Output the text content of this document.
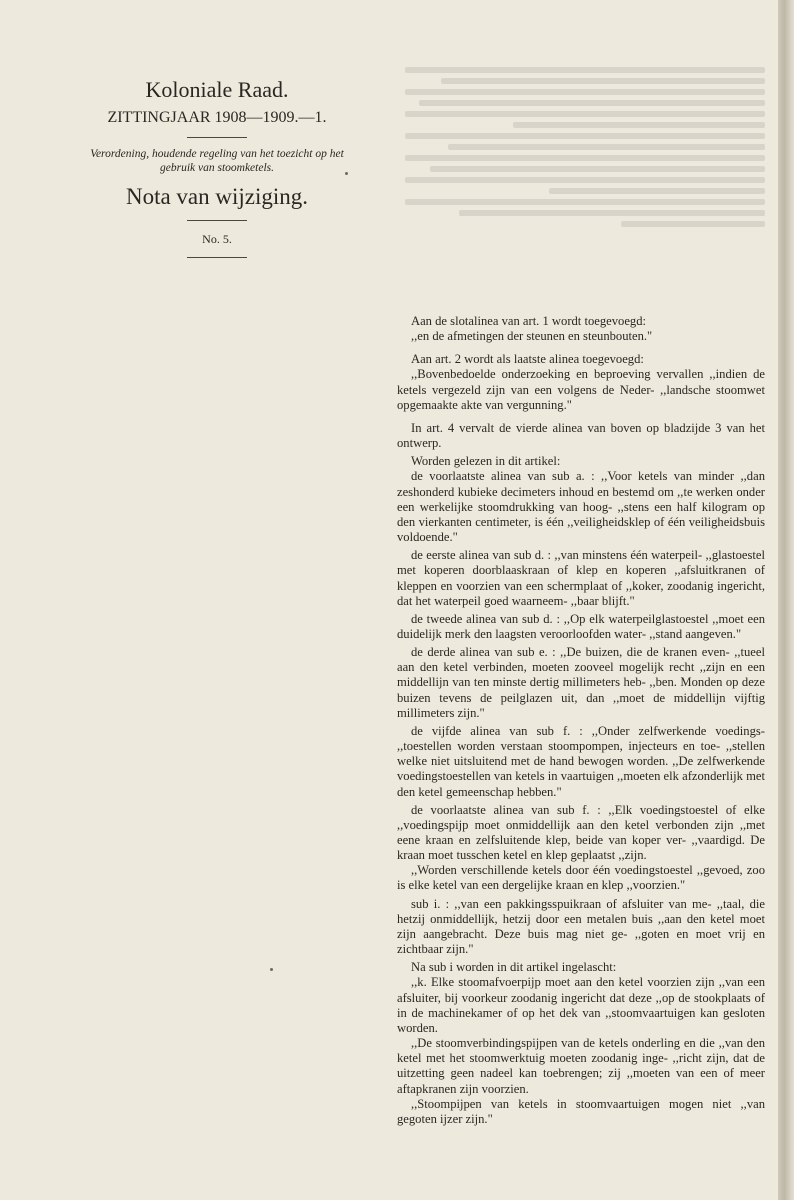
Koloniale Raad.
ZITTINGJAAR 1908—1909.—1.
Verordening, houdende regeling van het toezicht op het gebruik van stoomketels.
Nota van wijziging.
No. 5.

Aan de slotalinea van art. 1 wordt toegevoegd:

,,en de afmetingen der steunen en steunbouten."

Aan art. 2 wordt als laatste alinea toegevoegd:

,,Bovenbedoelde onderzoeking en beproeving vervallen ,,indien de ketels vergezeld zijn van een volgens de Neder- ,,landsche stoomwet opgemaakte akte van vergunning."

In art. 4 vervalt de vierde alinea van boven op bladzijde 3 van het ontwerp.

Worden gelezen in dit artikel:

de voorlaatste alinea van sub a. : ,,Voor ketels van minder ,,dan zeshonderd kubieke decimeters inhoud en bestemd om ,,te werken onder een werkelijke stoomdrukking van hoog- ,,stens een half kilogram op den vierkanten centimeter, is één ,,veiligheidsklep of één veiligheidsbuis voldoende."

de eerste alinea van sub d. : ,,van minstens één waterpeil- ,,glastoestel met koperen doorblaaskraan of klep en koperen ,,afsluitkranen of kleppen en voorzien van een schermplaat of ,,koker, zoodanig ingericht, dat het waterpeil goed waarneem- ,,baar blijft."

de tweede alinea van sub d. : ,,Op elk waterpeilglastoestel ,,moet een duidelijk merk den laagsten veroorloofden water- ,,stand aangeven."

de derde alinea van sub e. : ,,De buizen, die de kranen even- ,,tueel aan den ketel verbinden, moeten zooveel mogelijk recht ,,zijn en een middellijn van ten minste dertig millimeters heb- ,,ben. Monden op deze buizen tevens de peilglazen uit, dan ,,moet de middellijn vijftig millimeters zijn."

de vijfde alinea van sub f. : ,,Onder zelfwerkende voedings- ,,toestellen worden verstaan stoompompen, injecteurs en toe- ,,stellen welke niet uitsluitend met de hand bewogen worden. ,,De zelfwerkende voedingstoestellen van ketels in vaartuigen ,,moeten elk afzonderlijk met den ketel gemeenschap hebben."

de voorlaatste alinea van sub f. : ,,Elk voedingstoestel of elke ,,voedingspijp moet onmiddellijk aan den ketel verbonden zijn ,,met eene kraan en zelfsluitende klep, beide van koper ver- ,,vaardigd. De kraan moet tusschen ketel en klep geplaatst ,,zijn.

,,Worden verschillende ketels door één voedingstoestel ,,gevoed, zoo is elke ketel van een dergelijke kraan en klep ,,voorzien."

sub i. : ,,van een pakkingsspuikraan of afsluiter van me- ,,taal, die hetzij onmiddellijk, hetzij door een metalen buis ,,aan den ketel moet zijn aangebracht. Deze buis mag niet ge- ,,goten en moet vrij en zichtbaar zijn."

Na sub i worden in dit artikel ingelascht:

,,k. Elke stoomafvoerpijp moet aan den ketel voorzien zijn ,,van een afsluiter, bij voorkeur zoodanig ingericht dat deze ,,op de stookplaats of in de machinekamer of op het dek van ,,stoomvaartuigen kan gesloten worden.

,,De stoomverbindingspijpen van de ketels onderling en die ,,van den ketel met het stoomwerktuig moeten zoodanig inge- ,,richt zijn, dat de uitzetting geen nadeel kan toebrengen; zij ,,moeten van een of meer aftapkranen zijn voorzien.

,,Stoompijpen van ketels in stoomvaartuigen mogen niet ,,van gegoten ijzer zijn."
